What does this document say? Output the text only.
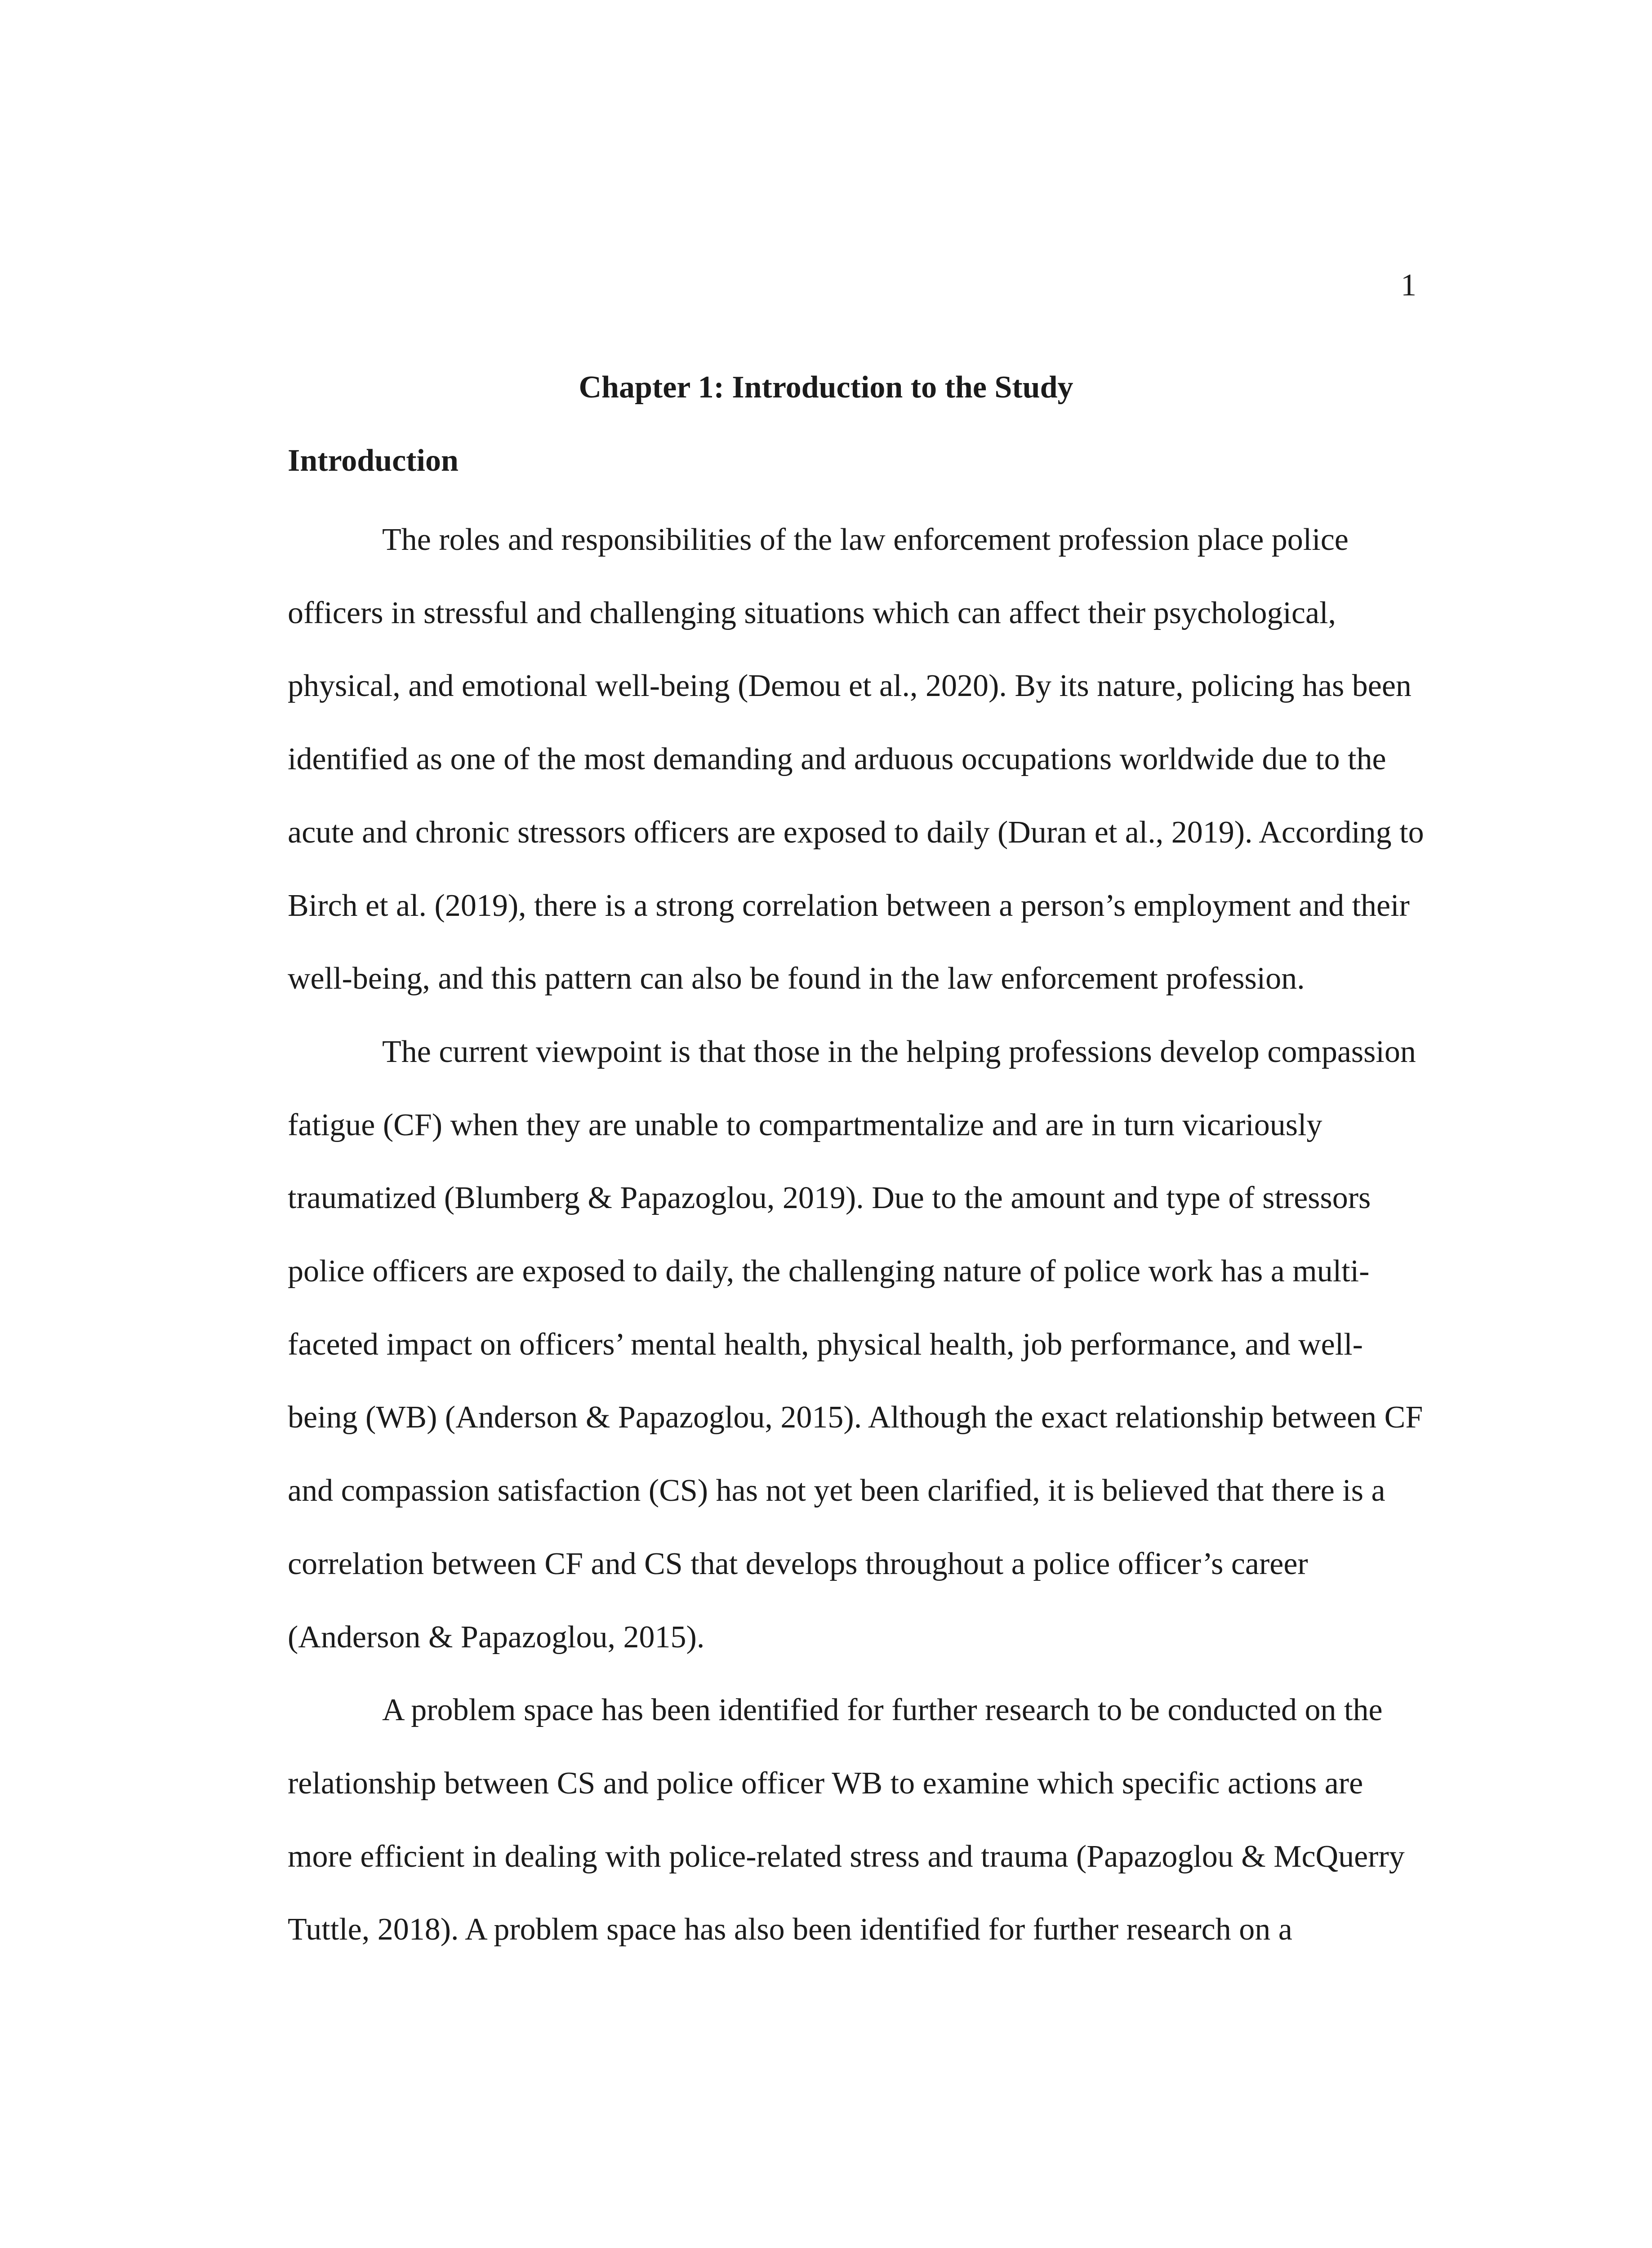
1
Chapter 1: Introduction to the Study
Introduction

The roles and responsibilities of the law enforcement profession place police officers in stressful and challenging situations which can affect their psychological, physical, and emotional well-being (Demou et al., 2020). By its nature, policing has been identified as one of the most demanding and arduous occupations worldwide due to the acute and chronic stressors officers are exposed to daily (Duran et al., 2019). According to Birch et al. (2019), there is a strong correlation between a person’s employment and their well-being, and this pattern can also be found in the law enforcement profession.

The current viewpoint is that those in the helping professions develop compassion fatigue (CF) when they are unable to compartmentalize and are in turn vicariously traumatized (Blumberg & Papazoglou, 2019). Due to the amount and type of stressors police officers are exposed to daily, the challenging nature of police work has a multi-faceted impact on officers’ mental health, physical health, job performance, and well-being (WB) (Anderson & Papazoglou, 2015). Although the exact relationship between CF and compassion satisfaction (CS) has not yet been clarified, it is believed that there is a correlation between CF and CS that develops throughout a police officer’s career (Anderson & Papazoglou, 2015).

A problem space has been identified for further research to be conducted on the relationship between CS and police officer WB to examine which specific actions are more efficient in dealing with police-related stress and trauma (Papazoglou & McQuerry Tuttle, 2018). A problem space has also been identified for further research on a
